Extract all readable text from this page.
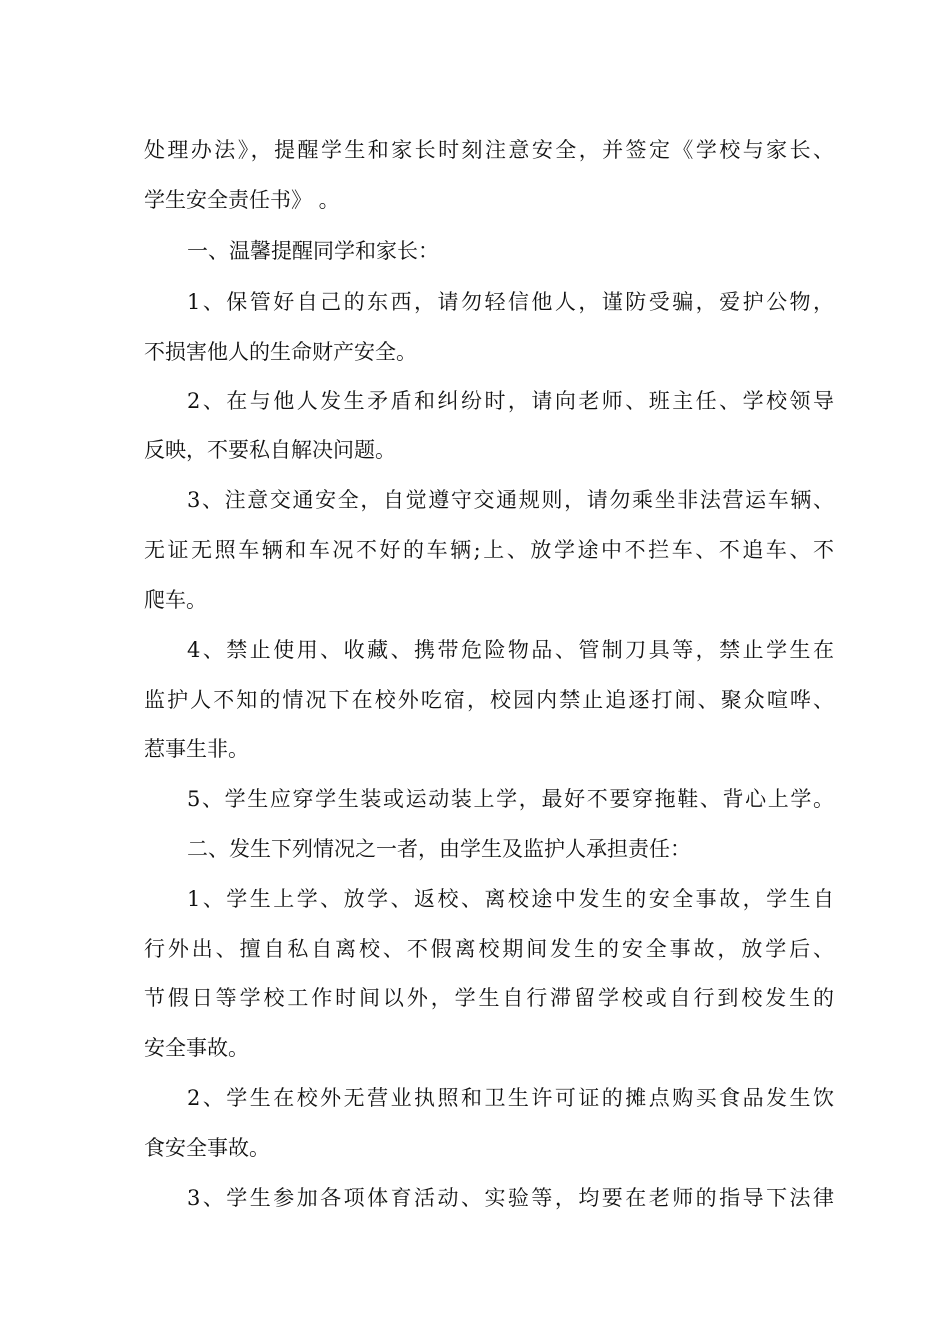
处理办法》，提醒学生和家长时刻注意安全，并签定《学校与家长、
学生安全责任书》 。
一、温馨提醒同学和家长：
1、保管好自己的东西，请勿轻信他人，谨防受骗，爱护公物，
不损害他人的生命财产安全。
2、在与他人发生矛盾和纠纷时，请向老师、班主任、学校领导
反映，不要私自解决问题。
3、注意交通安全，自觉遵守交通规则，请勿乘坐非法营运车辆、
无证无照车辆和车况不好的车辆;上、放学途中不拦车、不追车、不
爬车。
4、禁止使用、收藏、携带危险物品、管制刀具等，禁止学生在
监护人不知的情况下在校外吃宿，校园内禁止追逐打闹、聚众喧哗、
惹事生非。
5、学生应穿学生装或运动装上学，最好不要穿拖鞋、背心上学。
二、发生下列情况之一者，由学生及监护人承担责任：
1、学生上学、放学、返校、离校途中发生的安全事故，学生自
行外出、擅自私自离校、不假离校期间发生的安全事故，放学后、
节假日等学校工作时间以外，学生自行滞留学校或自行到校发生的
安全事故。
2、学生在校外无营业执照和卫生许可证的摊点购买食品发生饮
食安全事故。
3、学生参加各项体育活动、实验等，均要在老师的指导下法律
